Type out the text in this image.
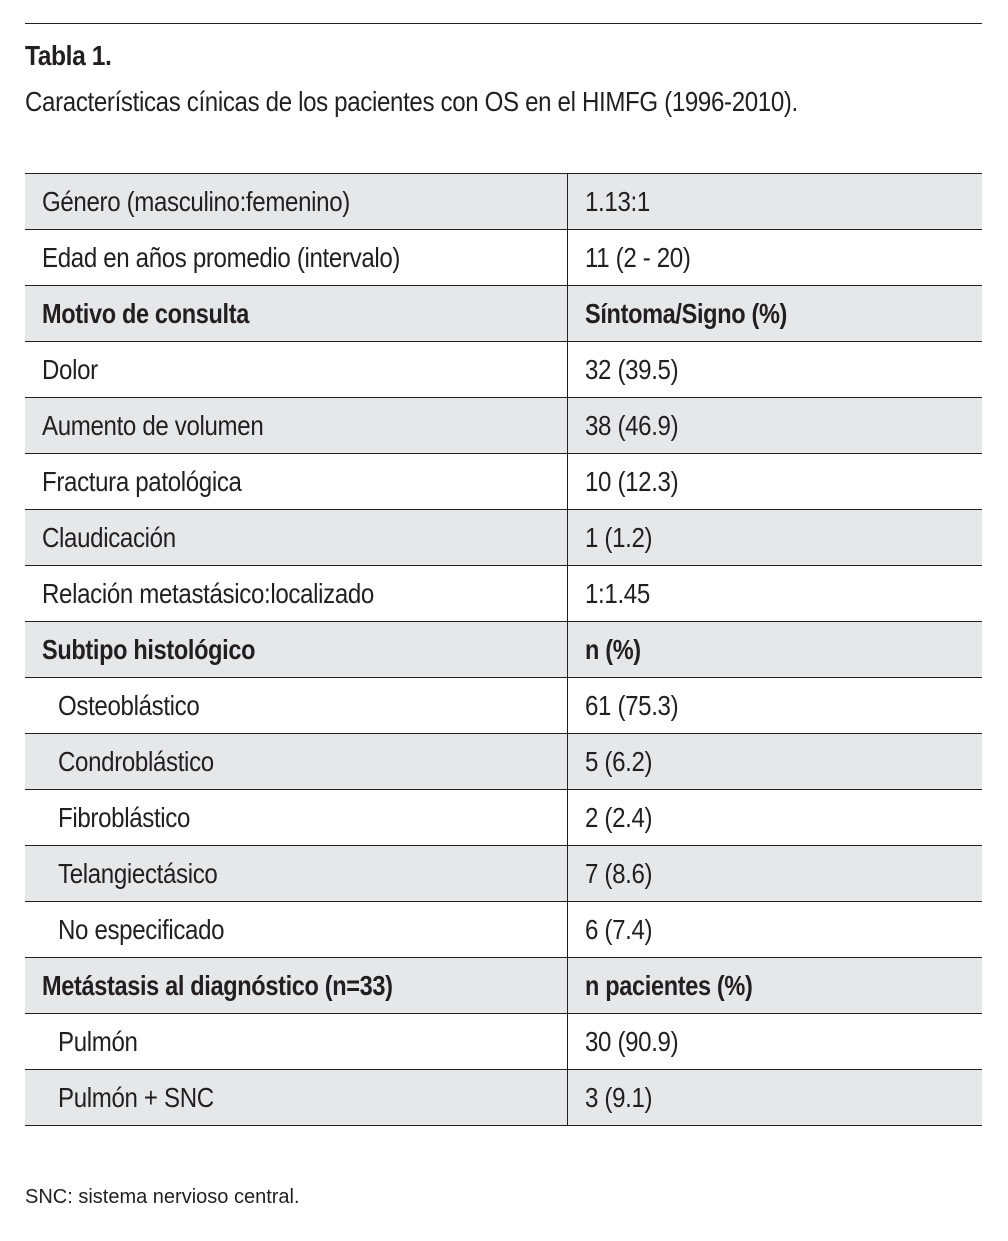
Tabla 1.
Características cínicas de los pacientes con OS en el HIMFG (1996-2010).
Género (masculino:femenino)	1.13:1
Edad en años promedio (intervalo)	11 (2 - 20)
Motivo de consulta	Síntoma/Signo (%)
Dolor	32 (39.5)
Aumento de volumen	38 (46.9)
Fractura patológica	10 (12.3)
Claudicación	1 (1.2)
Relación metastásico:localizado	1:1.45
Subtipo histológico	n (%)
Osteoblástico	61 (75.3)
Condroblástico	5 (6.2)
Fibroblástico	2 (2.4)
Telangiectásico	7 (8.6)
No especificado	6 (7.4)
Metástasis al diagnóstico (n=33)	n pacientes (%)
Pulmón	30 (90.9)
Pulmón + SNC	3 (9.1)
SNC: sistema nervioso central.
